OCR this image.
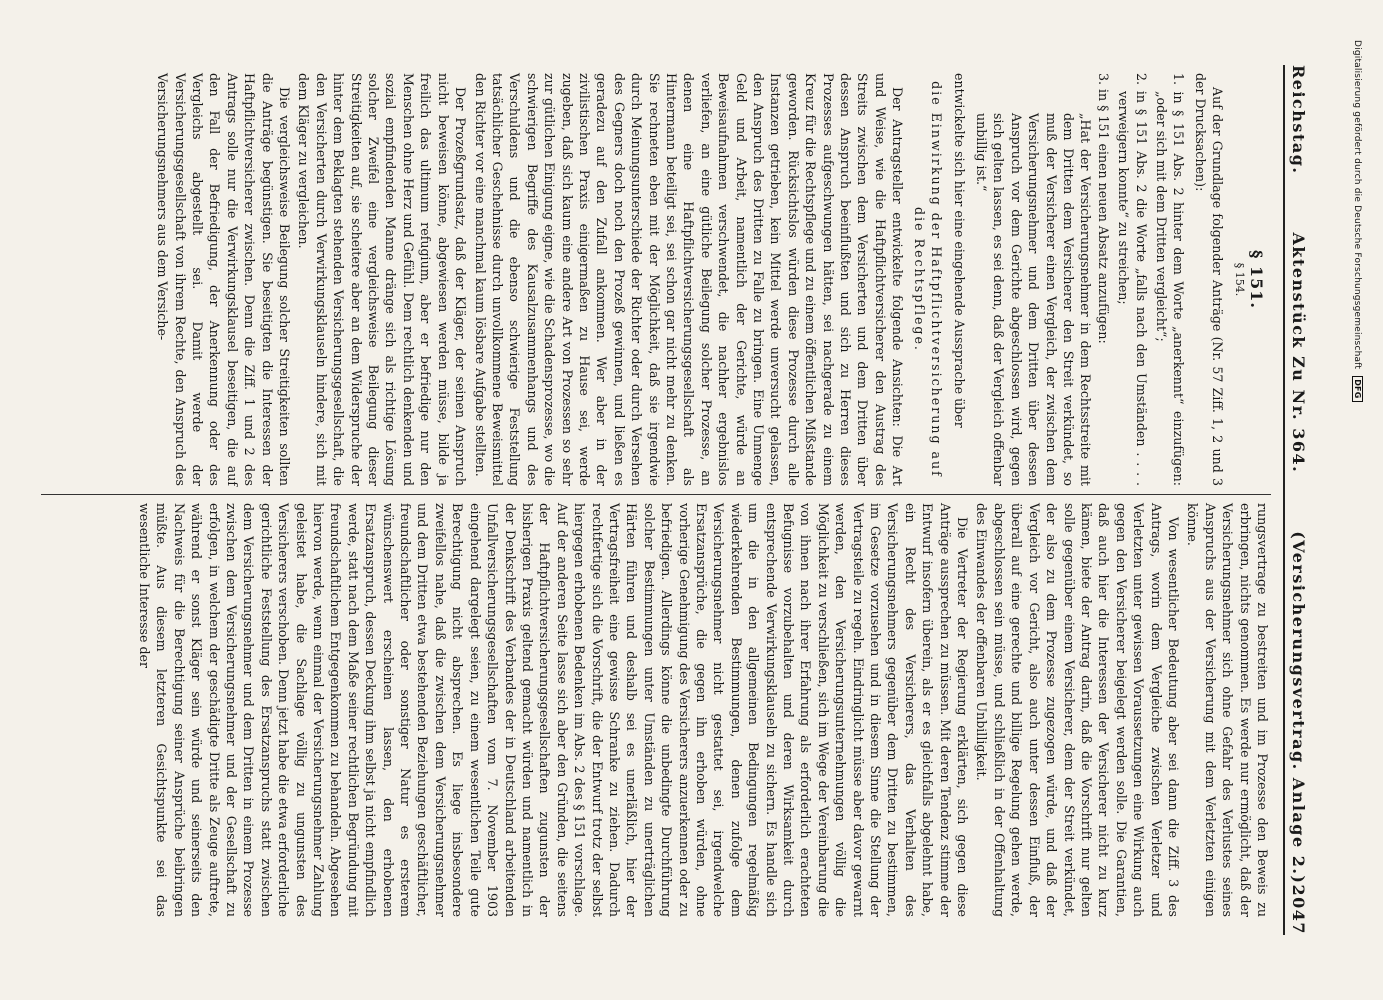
Digitalisierung gefördert durch die Deutsche Forschungsgemeinschaft DFG
Reichstag.
Aktenstück Zu Nr. 364.
(Versicherungsvertrag. Anlage 2.)
2047
§ 151.
§ 154.

Auf der Grundlage folgender Anträge (Nr. 57 Ziff. 1, 2 und 3 der Drucksachen):

1. in § 151 Abs. 2 hinter dem Worte „anerkennt“ einzufügen: „oder sich mit dem Dritten vergleicht“;
2. in § 151 Abs. 2 die Worte „falls nach den Umständen . . . . verweigern konnte“ zu streichen;
3. in § 151 einen neuen Absatz anzufügen:
„Hat der Versicherungsnehmer in dem Rechtsstreite mit dem Dritten dem Versicherer den Streit verkündet, so muß der Versicherer einen Vergleich, der zwischen dem Versicherungsnehmer und dem Dritten über dessen Anspruch vor dem Gerichte abgeschlossen wird, gegen sich gelten lassen, es sei denn, daß der Vergleich offenbar unbillig ist.“

entwickelte sich hier eine eingehende Aussprache über

die Einwirkung der Haftpflichtversicherung auf die Rechtspflege.

Der Antragsteller entwickelte folgende Ansichten: Die Art und Weise, wie die Haftpflichtversicherer den Austrag des Streits zwischen dem Versicherten und dem Dritten über dessen Anspruch beeinflußten und sich zu Herren dieses Prozesses aufgeschwungen hätten, sei nachgerade zu einem Kreuz für die Rechtspflege und zu einem öffentlichen Mißstande geworden. Rücksichtslos würden diese Prozesse durch alle Instanzen getrieben, kein Mittel werde unversucht gelassen, den Anspruch des Dritten zu Falle zu bringen. Eine Unmenge Geld und Arbeit, namentlich der Gerichte, würde an Beweisaufnahmen verschwendet, die nachher ergebnislos verliefen, an eine gütliche Beilegung solcher Prozesse, an denen eine Haftpflichtversicherungsgesellschaft als Hintermann beteiligt sei, sei schon gar nicht mehr zu denken. Sie rechneten eben mit der Möglichkeit, daß sie irgendwie durch Meinungsunterschiede der Richter oder durch Versehen des Gegners doch noch den Prozeß gewinnen, und ließen es geradezu auf den Zufall ankommen. Wer aber in der zivilistischen Praxis einigermaßen zu Hause sei, werde zugeben, daß sich kaum eine andere Art von Prozessen so sehr zur gütlichen Einigung eigne, wie die Schadensprozesse, wo die schwierigen Begriffe des Kausalzusammenhangs und des Verschuldens und die ebenso schwierige Feststellung tatsächlicher Geschehnisse durch unvollkommene Beweismittel den Richter vor eine manchmal kaum lösbare Aufgabe stellten.

Der Prozeßgrundsatz, daß der Kläger, der seinen Anspruch nicht beweisen könne, abgewiesen werden müsse, bilde ja freilich das ultimum refugium, aber er befriedige nur den Menschen ohne Herz und Gefühl. Dem rechtlich denkenden und sozial empfindenden Manne dränge sich als richtige Lösung solcher Zweifel eine vergleichsweise Beilegung dieser Streitigkeiten auf, sie scheitere aber an dem Widerspruche der hinter dem Beklagten stehenden Versicherungsgesellschaft, die den Versicherten durch Verwirkungsklauseln hindere, sich mit dem Kläger zu vergleichen.

Die vergleichsweise Beilegung solcher Streitigkeiten sollten die Anträge begünstigen. Sie beseitigten die Interessen der Haftpflichtversicherer zwischen. Denn die Ziff. 1 und 2 des Antrags solle nur die Verwirkungsklausel beseitigen, die auf den Fall der Befriedigung, der Anerkennung oder des Vergleichs abgestellt sei. Damit werde der Versicherungsgesellschaft von ihrem Rechte, den Anspruch des Versicherungsnehmers aus dem Versiche-

rungsvertrage zu bestreiten und im Prozesse den Beweis zu erbringen, nichts genommen. Es werde nur ermöglicht, daß der Versicherungsnehmer sich ohne Gefahr des Verlustes seines Anspruchs aus der Versicherung mit dem Verletzten einigen könne.

Von wesentlicher Bedeutung aber sei dann die Ziff. 3 des Antrags, worin dem Vergleiche zwischen Verletzer und Verletzten unter gewissen Voraussetzungen eine Wirkung auch gegen den Versicherer beigelegt werden solle. Die Garantien, daß auch hier die Interessen der Versicherer nicht zu kurz kämen, biete der Antrag darin, daß die Vorschrift nur gelten solle gegenüber einem Versicherer, dem der Streit verkündet, der also zu dem Prozesse zugezogen würde, und daß der Vergleich vor Gericht, also auch unter dessen Einfluß, der überall auf eine gerechte und billige Regelung gehen werde, abgeschlossen sein müsse, und schließlich in der Offenhaltung des Einwandes der offenbaren Unbilligkeit.

Die Vertreter der Regierung erklärten, sich gegen diese Anträge aussprechen zu müssen. Mit deren Tendenz stimme der Entwurf insofern überein, als er es gleichfalls abgelehnt habe, ein Recht des Versicherers, das Verhalten des Versicherungsnehmers gegenüber dem Dritten zu bestimmen, im Gesetze vorzusehen und in diesem Sinne die Stellung der Vertragsteile zu regeln. Eindringlicht müsse aber davor gewarnt werden, den Versicherungsunternehmungen völlig die Möglichkeit zu verschließen, sich im Wege der Vereinbarung die von ihnen nach ihrer Erfahrung als erforderlich erachteten Befugnisse vorzubehalten und deren Wirksamkeit durch entsprechende Verwirkungsklauseln zu sichern. Es handle sich um die in den allgemeinen Bedingungen regelmäßig wiederkehrenden Bestimmungen, denen zufolge dem Versicherungsnehmer nicht gestattet sei, irgendwelche Ersatzansprüche, die gegen ihn erhoben würden, ohne vorherige Genehmigung des Versicherers anzuerkennen oder zu befriedigen. Allerdings könne die unbedingte Durchführung solcher Bestimmungen unter Umständen zu unerträglichen Härten führen und deshalb sei es unerläßlich, hier der Vertragsfreiheit eine gewisse Schranke zu ziehen. Dadurch rechtfertige sich die Vorschrift, die der Entwurf trotz der selbst hiergegen erhobenen Bedenken im Abs. 2 des § 151 vorschlage. Auf der anderen Seite lasse sich aber den Gründen, die seitens der Haftpflichtversicherungsgesellschaften zugunsten der bisherigen Praxis geltend gemacht würden und namentlich in der Denkschrift des Verbandes der in Deutschland arbeitenden Unfallversicherungsgesellschaften vom 7. November 1903 eingehend dargelegt seien, zu einem wesentlichen Teile gute Berechtigung nicht absprechen. Es liege insbesondere zweifellos nahe, daß die zwischen dem Versicherungsnehmer und dem Dritten etwa bestehenden Beziehungen geschäftlicher, freundschaftlicher oder sonstiger Natur es ersterem wünschenswert erscheinen lassen, den erhobenen Ersatzanspruch, dessen Deckung ihm selbst ja nicht empfindlich werde, statt nach dem Maße seiner rechtlichen Begründung mit freundschaftlichem Entgegenkommen zu behandeln. Abgesehen hiervon werde, wenn einmal der Versicherungsnehmer Zahlung geleistet habe, die Sachlage völlig zu ungunsten des Versicherers verschoben. Denn jetzt habe die etwa erforderliche gerichtliche Feststellung des Ersatzanspruchs statt zwischen dem Versicherungsnehmer und dem Dritten in einem Prozesse zwischen dem Versicherungsnehmer und der Gesellschaft zu erfolgen, in welchem der geschädigte Dritte als Zeuge auftrete, während er sonst Kläger sein würde und seinerseits den Nachweis für die Berechtigung seiner Ansprüche beibringen müßte. Aus diesem letzteren Gesichtspunkte sei das wesentliche Interesse der
